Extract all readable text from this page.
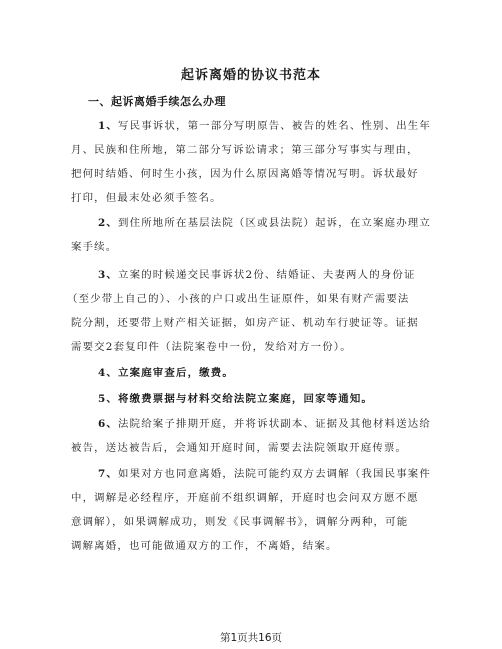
起诉离婚的协议书范本
一、起诉离婚手续怎么办理
1、写民事诉状，第一部分写明原告、被告的姓名、性别、出生年
月、民族和住所地，第二部分写诉讼请求；第三部分写事实与理由，
把何时结婚、何时生小孩，因为什么原因离婚等情况写明。诉状最好
打印，但最末处必须手签名。
2、到住所地所在基层法院（区或县法院）起诉，在立案庭办理立
案手续。
3、立案的时候递交民事诉状2份、结婚证、夫妻两人的身份证
（至少带上自己的）、小孩的户口或出生证原件，如果有财产需要法
院分割，还要带上财产相关证据，如房产证、机动车行驶证等。证据
需要交2套复印件（法院案卷中一份，发给对方一份）。
4、立案庭审查后，缴费。
5、将缴费票据与材料交给法院立案庭，回家等通知。
6、法院给案子排期开庭，并将诉状副本、证据及其他材料送达给
被告，送达被告后，会通知开庭时间，需要去法院领取开庭传票。
7、如果对方也同意离婚，法院可能约双方去调解（我国民事案件
中，调解是必经程序，开庭前不组织调解，开庭时也会问双方愿不愿
意调解），如果调解成功，则发《民事调解书》，调解分两种，可能
调解离婚，也可能做通双方的工作，不离婚，结案。
第1页共16页
